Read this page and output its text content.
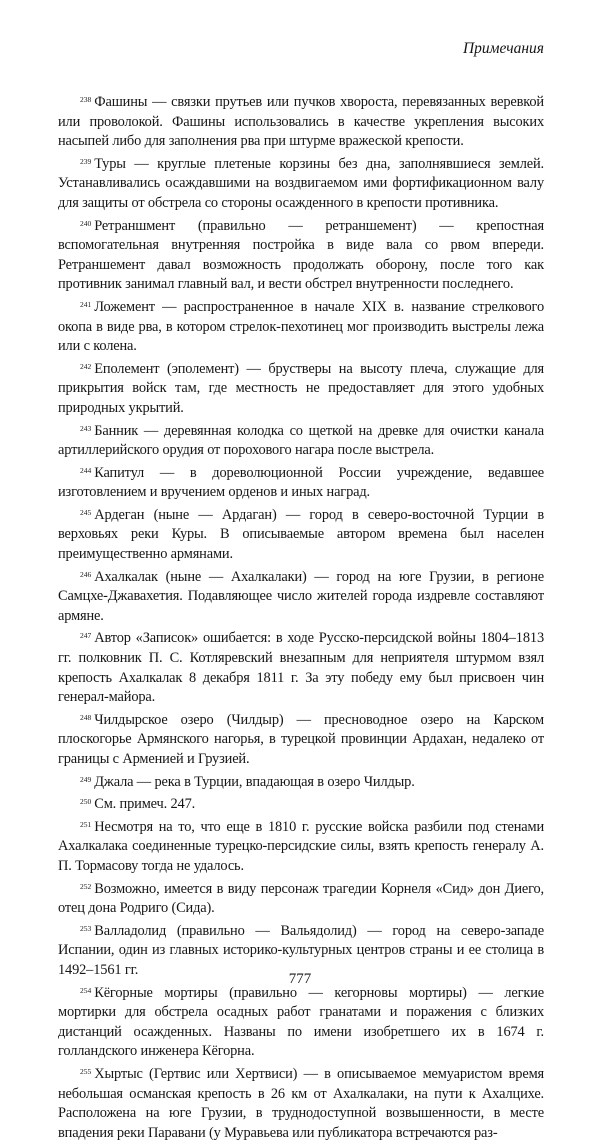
Примечания

$^{238}$ Фашины — связки прутьев или пучков хвороста, перевязанных веревкой или проволокой. Фашины использовались в качестве укрепления высоких насыпей либо для заполнения рва при штурме вражеской крепости.

$^{239}$ Туры — круглые плетеные корзины без дна, заполнявшиеся землей. Устанавливались осаждавшими на воздвигаемом ими фортификационном валу для защиты от обстрела со стороны осажденного в крепости противника.

$^{240}$ Ретраншмент (правильно — ретраншемент) — крепостная вспомогательная внутренняя постройка в виде вала со рвом впереди. Ретраншемент давал возможность продолжать оборону, после того как противник занимал главный вал, и вести обстрел внутренности последнего.

$^{241}$ Ложемент — распространенное в начале XIX в. название стрелкового окопа в виде рва, в котором стрелок-пехотинец мог производить выстрелы лежа или с колена.

$^{242}$ Еполемент (эполемент) — брустверы на высоту плеча, служащие для прикрытия войск там, где местность не предоставляет для этого удобных природных укрытий.

$^{243}$ Банник — деревянная колодка со щеткой на древке для очистки канала артиллерийского орудия от порохового нагара после выстрела.

$^{244}$ Капитул — в дореволюционной России учреждение, ведавшее изготовлением и вручением орденов и иных наград.

$^{245}$ Ардеган (ныне — Ардаган) — город в северо-восточной Турции в верховьях реки Куры. В описываемые автором времена был населен преимущественно армянами.

$^{246}$ Ахалкалак (ныне — Ахалкалаки) — город на юге Грузии, в регионе Самцхе-Джавахетия. Подавляющее число жителей города издревле составляют армяне.

$^{247}$ Автор «Записок» ошибается: в ходе Русско-персидской войны 1804–1813 гг. полковник П. С. Котляревский внезапным для неприятеля штурмом взял крепость Ахалкалак 8 декабря 1811 г. За эту победу ему был присвоен чин генерал-майора.

$^{248}$ Чилдырское озеро (Чилдыр) — пресноводное озеро на Карском плоскогорье Армянского нагорья, в турецкой провинции Ардахан, недалеко от границы с Арменией и Грузией.

$^{249}$ Джала — река в Турции, впадающая в озеро Чилдыр.

$^{250}$ См. примеч. 247.

$^{251}$ Несмотря на то, что еще в 1810 г. русские войска разбили под стенами Ахалкалака соединенные турецко-персидские силы, взять крепость генералу А. П. Тормасову тогда не удалось.

$^{252}$ Возможно, имеется в виду персонаж трагедии Корнеля «Сид» дон Диего, отец дона Родриго (Сида).

$^{253}$ Валладолид (правильно — Вальядолид) — город на северо-западе Испании, один из главных историко-культурных центров страны и ее столица в 1492–1561 гг.

$^{254}$ Кёгорные мортиры (правильно — кегорновы мортиры) — легкие мортирки для обстрела осадных работ гранатами и поражения с близких дистанций осажденных. Названы по имени изобретшего их в 1674 г. голландского инженера Кёгорна.

$^{255}$ Хыртыс (Гертвис или Хертвиси) — в описываемое мемуаристом время небольшая османская крепость в 26 км от Ахалкалаки, на пути к Ахалцихе. Расположена на юге Грузии, в труднодоступной возвышенности, в месте впадения реки Паравани (у Муравьева или публикатора встречаются раз-

777
